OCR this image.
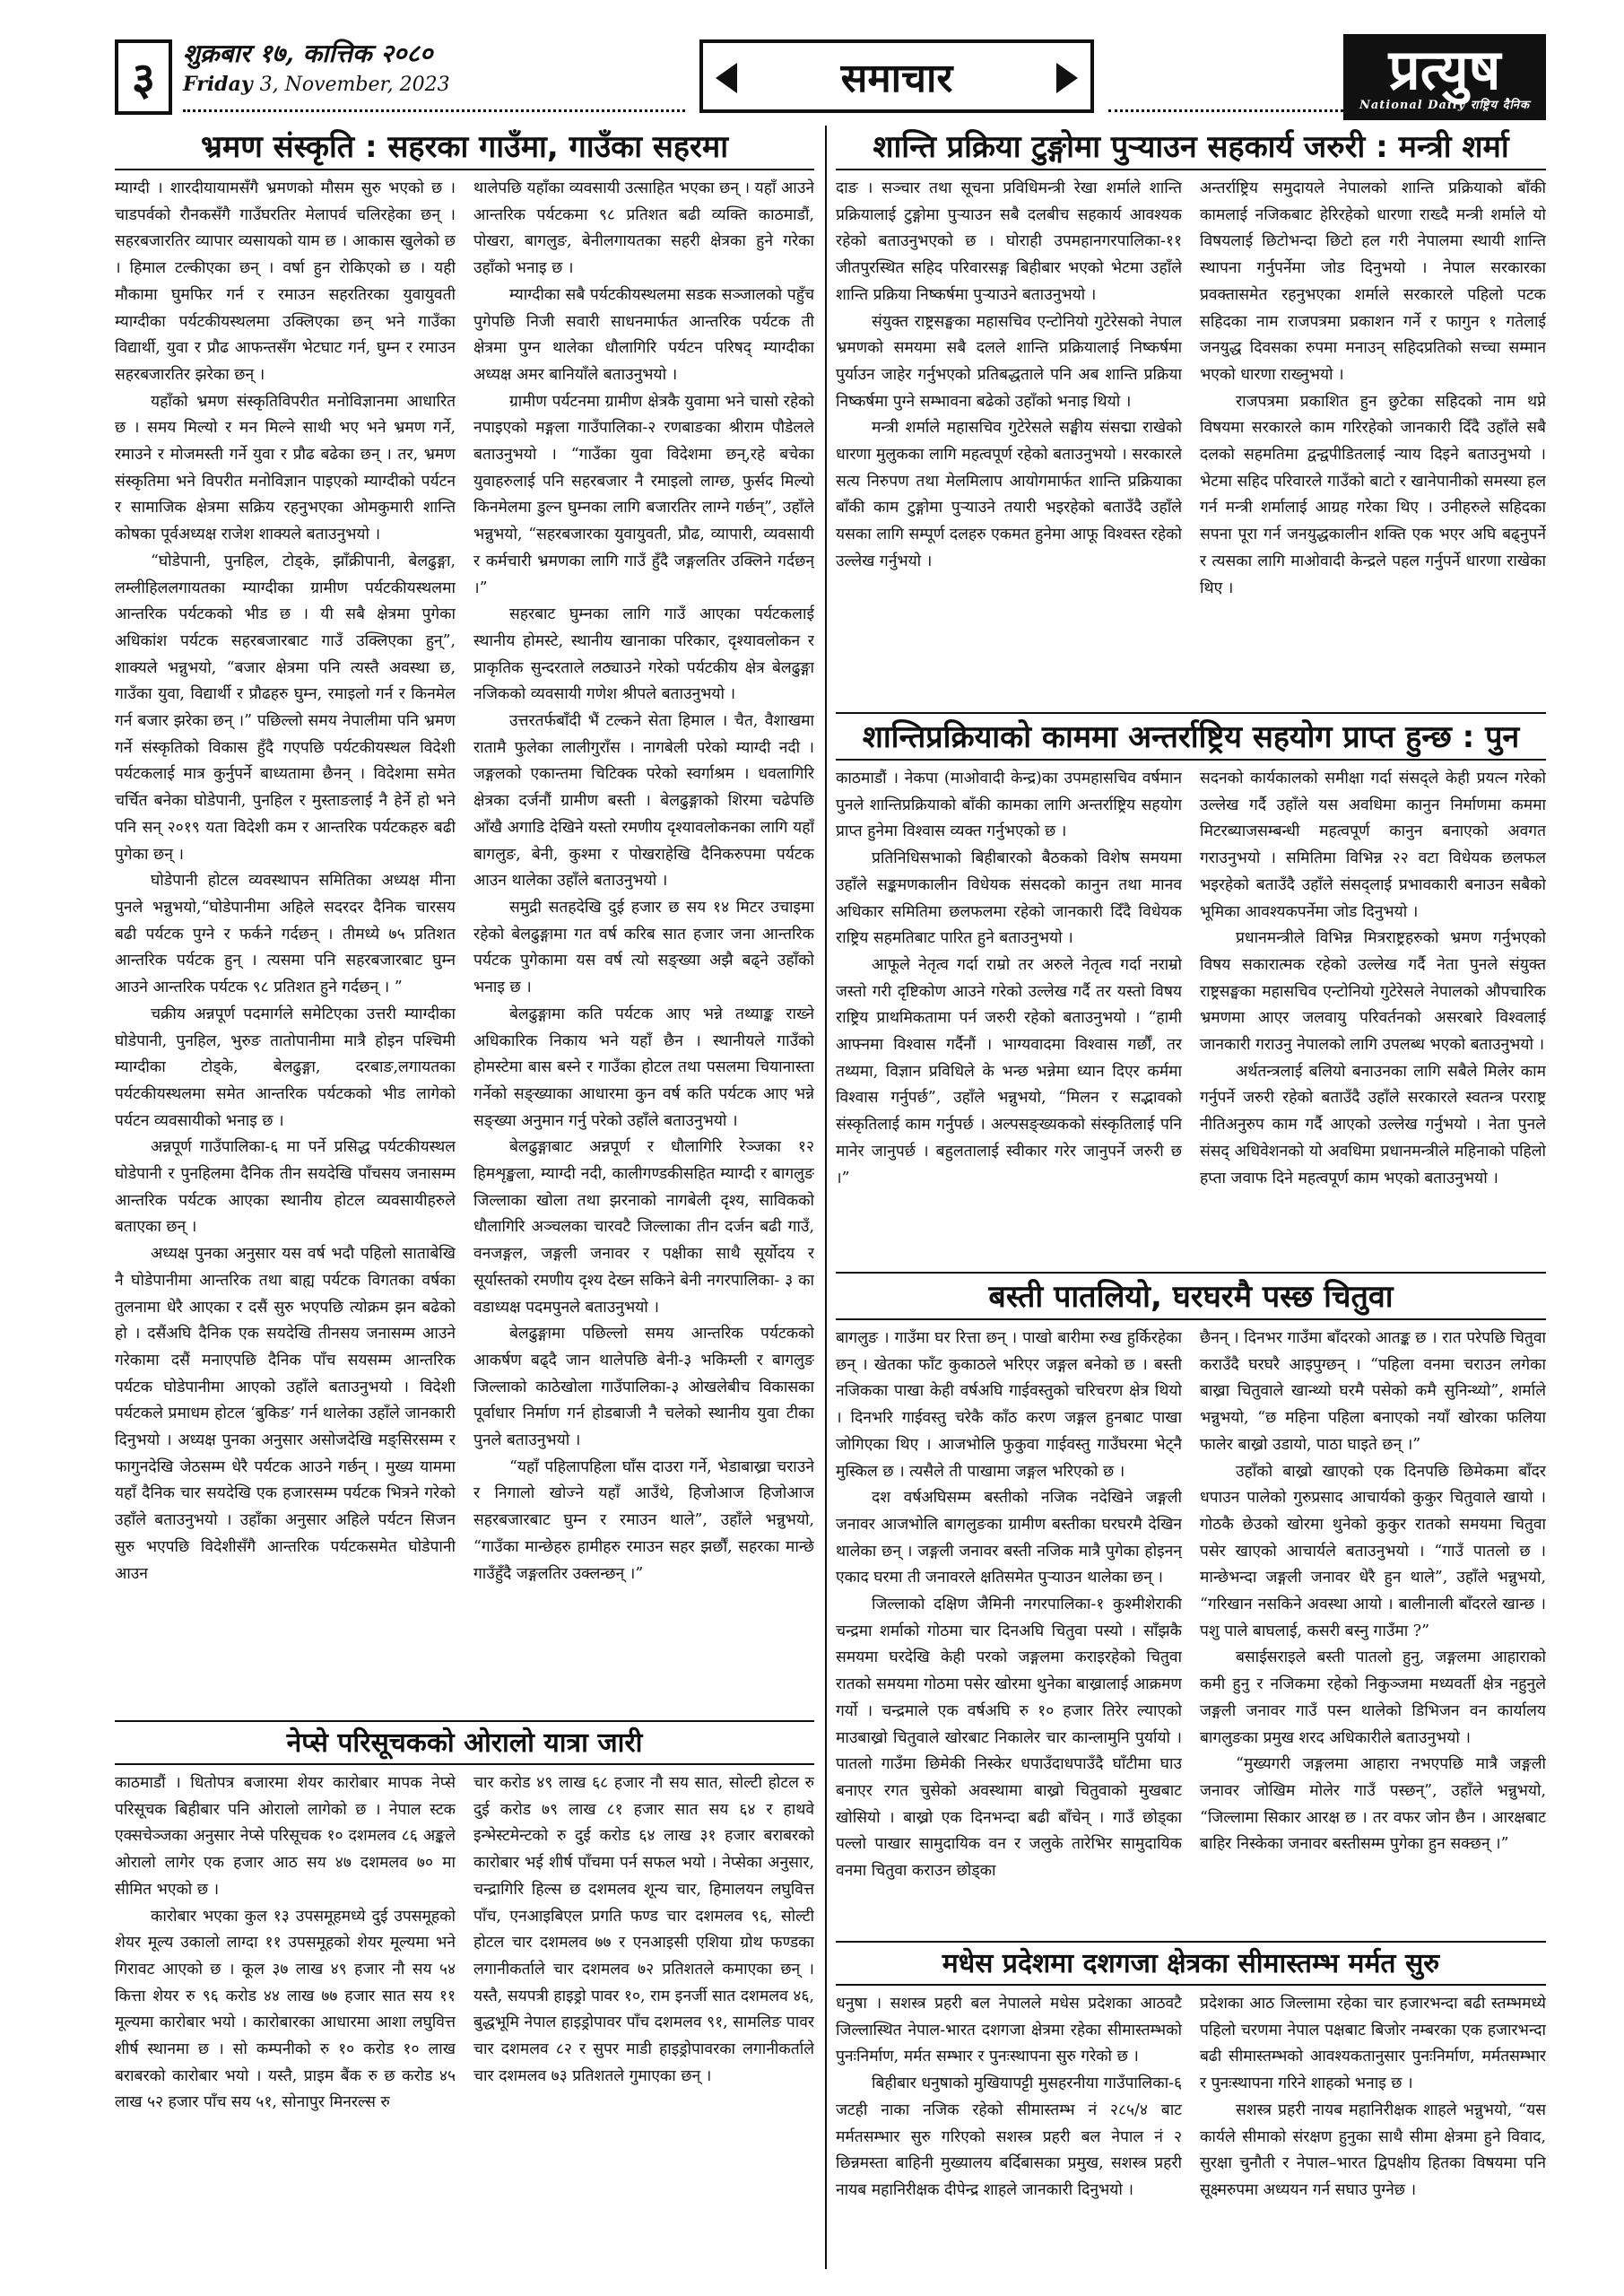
३	शुक्रबार १७, कात्तिक २०८०
Friday 3, November, 2023	समाचार	प्रत्युष
National Daily राष्ट्रिय दैनिक
भ्रमण संस्कृति : सहरका गाउँमा, गाउँका सहरमा

म्याग्दी । शारदीयायामसँगै भ्रमणको मौसम सुरु भएको छ । चाडपर्वको रौनकसँगै गाउँघरतिर मेलापर्व चलिरहेका छन् । सहरबजारतिर व्यापार व्यसायको याम छ । आकास खुलेको छ । हिमाल टल्कीएका छन् । वर्षा हुन रोकिएको छ । यही मौकामा घुमफिर गर्न र रमाउन सहरतिरका युवायुवती म्याग्दीका पर्यटकीयस्थलमा उक्लिएका छन् भने गाउँका विद्यार्थी, युवा र प्रौढ आफन्तसँग भेटघाट गर्न, घुम्न र रमाउन सहरबजारतिर झरेका छन् ।

यहाँको भ्रमण संस्कृतिविपरीत मनोविज्ञानमा आधारित छ । समय मिल्यो र मन मिल्ने साथी भए भने भ्रमण गर्ने, रमाउने र मोजमस्ती गर्ने युवा र प्रौढ बढेका छन् । तर, भ्रमण संस्कृतिमा भने विपरीत मनोविज्ञान पाइएको म्याग्दीको पर्यटन र सामाजिक क्षेत्रमा सक्रिय रहनुभएका ओमकुमारी शान्ति कोषका पूर्वअध्यक्ष राजेश शाक्यले बताउनुभयो ।

“घोडेपानी, पुनहिल, टोड्के, झाँक्रीपानी, बेलढुङ्गा, लम्लीहिललगायतका म्याग्दीका ग्रामीण पर्यटकीयस्थलमा आन्तरिक पर्यटकको भीड छ । यी सबै क्षेत्रमा पुगेका अधिकांश पर्यटक सहरबजारबाट गाउँ उक्लिएका हुन्”, शाक्यले भन्नुभयो, “बजार क्षेत्रमा पनि त्यस्तै अवस्था छ, गाउँका युवा, विद्यार्थी र प्रौढहरु घुम्न, रमाइलो गर्न र किनमेल गर्न बजार झरेका छन् ।” पछिल्लो समय नेपालीमा पनि भ्रमण गर्ने संस्कृतिको विकास हुँदै गएपछि पर्यटकीयस्थल विदेशी पर्यटकलाई मात्र कुर्नुपर्ने बाध्यतामा छैनन् । विदेशमा समेत चर्चित बनेका घोडेपानी, पुनहिल र मुस्ताङलाई नै हेर्ने हो भने पनि सन् २०१९ यता विदेशी कम र आन्तरिक पर्यटकहरु बढी पुगेका छन् ।

घोडेपानी होटल व्यवस्थापन समितिका अध्यक्ष मीना पुनले भन्नुभयो,“घोडेपानीमा अहिले सदरदर दैनिक चारसय बढी पर्यटक पुग्ने र फर्कने गर्दछन् । तीमध्ये ७५ प्रतिशत आन्तरिक पर्यटक हुन् । त्यसमा पनि सहरबजारबाट घुम्न आउने आन्तरिक पर्यटक ९८ प्रतिशत हुने गर्दछन् । ”

चक्रीय अन्नपूर्ण पदमार्गले समेटिएका उत्तरी म्याग्दीका घोडेपानी, पुनहिल, भुरुङ तातोपानीमा मात्रै होइन पश्चिमी म्याग्दीका टोड्के, बेलढुङ्गा, दरबाङ,लगायतका पर्यटकीयस्थलमा समेत आन्तरिक पर्यटकको भीड लागेको पर्यटन व्यवसायीको भनाइ छ ।

अन्नपूर्ण गाउँपालिका-६ मा पर्ने प्रसिद्ध पर्यटकीयस्थल घोडेपानी र पुनहिलमा दैनिक तीन सयदेखि पाँचसय जनासम्म आन्तरिक पर्यटक आएका स्थानीय होटल व्यवसायीहरुले बताएका छन् ।

अध्यक्ष पुनका अनुसार यस वर्ष भदौ पहिलो साताबेखि नै घोडेपानीमा आन्तरिक तथा बाह्य पर्यटक विगतका वर्षका तुलनामा धेरै आएका र दसैं सुरु भएपछि त्योक्रम झन बढेको हो । दसैंअघि दैनिक एक सयदेखि तीनसय जनासम्म आउने गरेकामा दसैं मनाएपछि दैनिक पाँच सयसम्म आन्तरिक पर्यटक घोडेपानीमा आएको उहाँले बताउनुभयो । विदेशी पर्यटकले प्रमाधम होटल ‘बुकिङ’ गर्न थालेका उहाँले जानकारी दिनुभयो । अध्यक्ष पुनका अनुसार असोजदेखि मङ्सिरसम्म र फागुनदेखि जेठसम्म धेरै पर्यटक आउने गर्छन् । मुख्य याममा यहाँ दैनिक चार सयदेखि एक हजारसम्म पर्यटक भित्रने गरेको उहाँले बताउनुभयो । उहाँका अनुसार अहिले पर्यटन सिजन सुरु भएपछि विदेशीसँगै आन्तरिक पर्यटकसमेत घोडेपानी आउन

थालेपछि यहाँका व्यवसायी उत्साहित भएका छन् । यहाँ आउने आन्तरिक पर्यटकमा ९८ प्रतिशत बढी व्यक्ति काठमाडौं, पोखरा, बागलुङ, बेनीलगायतका सहरी क्षेत्रका हुने गरेका उहाँको भनाइ छ ।

म्याग्दीका सबै पर्यटकीयस्थलमा सडक सञ्जालको पहुँच पुगेपछि निजी सवारी साधनमार्फत आन्तरिक पर्यटक ती क्षेत्रमा पुग्न थालेका धौलागिरि पर्यटन परिषद् म्याग्दीका अध्यक्ष अमर बानियाँले बताउनुभयो ।

ग्रामीण पर्यटनमा ग्रामीण क्षेत्रकै युवामा भने चासो रहेको नपाइएको मङ्गला गाउँपालिका-२ रणबाङका श्रीराम पौडेलले बताउनुभयो । “गाउँका युवा विदेशमा छन्,रहे बचेका युवाहरुलाई पनि सहरबजार नै रमाइलो लाग्छ, फुर्सद मिल्यो किनमेलमा डुल्न घुम्नका लागि बजारतिर लाग्ने गर्छन्”, उहाँले भन्नुभयो, “सहरबजारका युवायुवती, प्रौढ, व्यापारी, व्यवसायी र कर्मचारी भ्रमणका लागि गाउँ हुँदै जङ्गलतिर उक्लिने गर्दछन् ।”

सहरबाट घुम्नका लागि गाउँ आएका पर्यटकलाई स्थानीय होमस्टे, स्थानीय खानाका परिकार, दृश्यावलोकन र प्राकृतिक सुन्दरताले लठ्याउने गरेको पर्यटकीय क्षेत्र बेलढुङ्गा नजिकको व्यवसायी गणेश श्रीपले बताउनुभयो ।

उत्तरतर्फबाँदी भैं टल्कने सेता हिमाल । चैत, वैशाखमा रातामै फुलेका लालीगुराँस । नागबेली परेको म्याग्दी नदी । जङ्गलको एकान्तमा चिटिक्क परेको स्वर्गाश्रम । धवलागिरि क्षेत्रका दर्जनौं ग्रामीण बस्ती । बेलढुङ्गाको शिरमा चढेपछि आँखै अगाडि देखिने यस्तो रमणीय दृश्यावलोकनका लागि यहाँ बागलुङ, बेनी, कुश्मा र पोखराहेखि दैनिकरुपमा पर्यटक आउन थालेका उहाँले बताउनुभयो ।

समुद्री सतहदेखि दुई हजार छ सय १४ मिटर उचाइमा रहेको बेलढुङ्गामा गत वर्ष करिब सात हजार जना आन्तरिक पर्यटक पुगेकामा यस वर्ष त्यो सङ्ख्या अझै बढ्ने उहाँको भनाइ छ ।

बेलढुङ्गामा कति पर्यटक आए भन्ने तथ्याङ्क राख्ने अधिकारिक निकाय भने यहाँ छैन । स्थानीयले गाउँको होमस्टेमा बास बस्ने र गाउँका होटल तथा पसलमा चियानास्ता गर्नेको सङ्ख्याका आधारमा कुन वर्ष कति पर्यटक आए भन्ने सङ्ख्या अनुमान गर्नु परेको उहाँले बताउनुभयो ।

बेलढुङ्गाबाट अन्नपूर्ण र धौलागिरि रेञ्जका १२ हिमशृङ्खला, म्याग्दी नदी, कालीगण्डकीसहित म्याग्दी र बागलुङ जिल्लाका खोला तथा झरनाको नागबेली दृश्य, साविकको धौलागिरि अञ्चलका चारवटै जिल्लाका तीन दर्जन बढी गाउँ, वनजङ्गल, जङ्गली जनावर र पक्षीका साथै सूर्योदय र सूर्यास्तको रमणीय दृश्य देख्न सकिने बेनी नगरपालिका- ३ का वडाध्यक्ष पदमपुनले बताउनुभयो ।

बेलढुङ्गामा पछिल्लो समय आन्तरिक पर्यटकको आकर्षण बढ्दै जान थालेपछि बेनी-३ भकिम्ली र बागलुङ जिल्लाको काठेखोला गाउँपालिका-३ ओखलेबीच विकासका पूर्वाधार निर्माण गर्न होडबाजी नै चलेको स्थानीय युवा टीका पुनले बताउनुभयो ।

“यहाँ पहिलापहिला घाँस दाउरा गर्ने, भेडाबाख्रा चराउने र निगालो खोज्ने यहाँ आउँथे, हिजोआज हिजोआज सहरबजारबाट घुम्न र रमाउन थाले”, उहाँले भन्नुभयो, “गाउँका मान्छेहरु हामीहरु रमाउन सहर झर्छौं, सहरका मान्छे गाउँहुँदै जङ्गलतिर उक्लन्छन् ।”

नेप्से परिसूचकको ओरालो यात्रा जारी

काठमाडौं । धितोपत्र बजारमा शेयर कारोबार मापक नेप्से परिसूचक बिहीबार पनि ओरालो लागेको छ । नेपाल स्टक एक्सचेञ्जका अनुसार नेप्से परिसूचक १० दशमलव ८६ अङ्कले ओरालो लागेर एक हजार आठ सय ४७ दशमलव ७० मा सीमित भएको छ ।

कारोबार भएका कुल १३ उपसमूहमध्ये दुई उपसमूहको शेयर मूल्य उकालो लाग्दा ११ उपसमूहको शेयर मूल्यमा भने गिरावट आएको छ । कूल ३७ लाख ४९ हजार नौ सय ५४ कित्ता शेयर रु ९६ करोड ४४ लाख ७७ हजार सात सय ११ मूल्यमा कारोबार भयो । कारोबारका आधारमा आशा लघुवित्त शीर्ष स्थानमा छ । सो कम्पनीको रु १० करोड १० लाख बराबरको कारोबार भयो । यस्तै, प्राइम बैंक रु छ करोड ४५ लाख ५२ हजार पाँच सय ५१, सोनापुर मिनरल्स रु

चार करोड ४९ लाख ६८ हजार नौ सय सात, सोल्टी होटल रु दुई करोड ७९ लाख ८१ हजार सात सय ६४ र हाथवे इन्भेस्टमेन्टको रु दुई करोड ६४ लाख ३१ हजार बराबरको कारोबार भई शीर्ष पाँचमा पर्न सफल भयो । नेप्सेका अनुसार, चन्द्रागिरि हिल्स छ दशमलव शून्य चार, हिमालयन लघुवित्त पाँच, एनआइबिएल प्रगति फण्ड चार दशमलव ९६, सोल्टी होटल चार दशमलव ७७ र एनआइसी एशिया ग्रोथ फण्डका लगानीकर्ताले चार दशमलव ७२ प्रतिशतले कमाएका छन् । यस्तै, सयपत्री हाइड्रो पावर १०, राम इनर्जी सात दशमलव ४६, बुद्धभूमि नेपाल हाइड्रोपावर पाँच दशमलव ९१, सामलिङ पावर चार दशमलव ८२ र सुपर माडी हाइड्रोपावरका लगानीकर्ताले चार दशमलव ७३ प्रतिशतले गुमाएका छन् ।

शान्ति प्रक्रिया टुङ्गोमा पुऱ्याउन सहकार्य जरुरी : मन्त्री शर्मा

दाङ । सञ्चार तथा सूचना प्रविधिमन्त्री रेखा शर्माले शान्ति प्रक्रियालाई टुङ्गोमा पुऱ्याउन सबै दलबीच सहकार्य आवश्यक रहेको बताउनुभएको छ । घोराही उपमहानगरपालिका-११ जीतपुरस्थित सहिद परिवारसङ्ग बिहीबार भएको भेटमा उहाँले शान्ति प्रक्रिया निष्कर्षमा पुऱ्याउने बताउनुभयो ।

संयुक्त राष्ट्रसङ्घका महासचिव एन्टोनियो गुटेरेसको नेपाल भ्रमणको समयमा सबै दलले शान्ति प्रक्रियालाई निष्कर्षमा पुर्याउन जाहेर गर्नुभएको प्रतिबद्धताले पनि अब शान्ति प्रक्रिया निष्कर्षमा पुग्ने सम्भावना बढेको उहाँको भनाइ थियो ।

मन्त्री शर्माले महासचिव गुटेरेसले सङ्घीय संसद्मा राखेको धारणा मुलुकका लागि महत्वपूर्ण रहेको बताउनुभयो । सरकारले सत्य निरुपण तथा मेलमिलाप आयोगमार्फत शान्ति प्रक्रियाका बाँकी काम टुङ्गोमा पुऱ्याउने तयारी भइरहेको बताउँदै उहाँले यसका लागि सम्पूर्ण दलहरु एकमत हुनेमा आफू विश्वस्त रहेको उल्लेख गर्नुभयो ।

अन्तर्राष्ट्रिय समुदायले नेपालको शान्ति प्रक्रियाको बाँकी कामलाई नजिकबाट हेरिरहेको धारणा राख्दै मन्त्री शर्माले यो विषयलाई छिटोभन्दा छिटो हल गरी नेपालमा स्थायी शान्ति स्थापना गर्नुपर्नेमा जोड दिनुभयो । नेपाल सरकारका प्रवक्तासमेत रहनुभएका शर्माले सरकारले पहिलो पटक सहिदका नाम राजपत्रमा प्रकाशन गर्ने र फागुन १ गतेलाई जनयुद्ध दिवसका रुपमा मनाउन् सहिदप्रतिको सच्चा सम्मान भएको धारणा राख्नुभयो ।

राजपत्रमा प्रकाशित हुन छुटेका सहिदको नाम थप्ने विषयमा सरकारले काम गरिरहेको जानकारी दिँदै उहाँले सबै दलको सहमतिमा द्वन्द्वपीडितलाई न्याय दिइने बताउनुभयो । भेटमा सहिद परिवारले गाउँको बाटो र खानेपानीको समस्या हल गर्न मन्त्री शर्मालाई आग्रह गरेका थिए । उनीहरुले सहिदका सपना पूरा गर्न जनयुद्धकालीन शक्ति एक भएर अघि बढ्नुपर्ने र त्यसका लागि माओवादी केन्द्रले पहल गर्नुपर्ने धारणा राखेका थिए ।

शान्तिप्रक्रियाको काममा अन्तर्राष्ट्रिय सहयोग प्राप्त हुन्छ : पुन

काठमाडौं । नेकपा (माओवादी केन्द्र)का उपमहासचिव वर्षमान पुनले शान्तिप्रक्रियाको बाँकी कामका लागि अन्तर्राष्ट्रिय सहयोग प्राप्त हुनेमा विश्वास व्यक्त गर्नुभएको छ ।

प्रतिनिधिसभाको बिहीबारको बैठकको विशेष समयमा उहाँले सङ्कमणकालीन विधेयक संसदको कानुन तथा मानव अधिकार समितिमा छलफलमा रहेको जानकारी दिँदै विधेयक राष्ट्रिय सहमतिबाट पारित हुने बताउनुभयो ।

आफूले नेतृत्व गर्दा राम्रो तर अरुले नेतृत्व गर्दा नराम्रो जस्तो गरी दृष्टिकोण आउने गरेको उल्लेख गर्दै तर यस्तो विषय राष्ट्रिय प्राथमिकतामा पर्न जरुरी रहेको बताउनुभयो । “हामी आफ्नमा विश्वास गर्दैनौं । भाग्यवादमा विश्वास गर्छौं, तर तथ्यमा, विज्ञान प्रविधिले के भन्छ भन्नेमा ध्यान दिएर कर्ममा विश्वास गर्नुपर्छ”, उहाँले भन्नुभयो, “मिलन र सद्भावको संस्कृतिलाई काम गर्नुपर्छ । अल्पसङ्ख्यकको संस्कृतिलाई पनि मानेर जानुपर्छ । बहुलतालाई स्वीकार गरेर जानुपर्ने जरुरी छ ।”

सदनको कार्यकालको समीक्षा गर्दा संसद्ले केही प्रयत्न गरेको उल्लेख गर्दै उहाँले यस अवधिमा कानुन निर्माणमा कममा मिटरब्याजसम्बन्धी महत्वपूर्ण कानुन बनाएको अवगत गराउनुभयो । समितिमा विभिन्न २२ वटा विधेयक छलफल भइरहेको बताउँदै उहाँले संसद्लाई प्रभावकारी बनाउन सबैको भूमिका आवश्यकपर्नेमा जोड दिनुभयो ।

प्रधानमन्त्रीले विभिन्न मित्रराष्ट्रहरुको भ्रमण गर्नुभएको विषय सकारात्मक रहेको उल्लेख गर्दै नेता पुनले संयुक्त राष्ट्रसङ्घका महासचिव एन्टोनियो गुटेरेसले नेपालको औपचारिक भ्रमणमा आएर जलवायु परिवर्तनको असरबारे विश्वलाई जानकारी गराउनु नेपालको लागि उपलब्ध भएको बताउनुभयो ।

अर्थतन्त्रलाई बलियो बनाउनका लागि सबैले मिलेर काम गर्नुपर्ने जरुरी रहेको बताउँदै उहाँले सरकारले स्वतन्त्र परराष्ट्र नीतिअनुरुप काम गर्दै आएको उल्लेख गर्नुभयो । नेता पुनले संसद् अधिवेशनको यो अवधिमा प्रधानमन्त्रीले महिनाको पहिलो हप्ता जवाफ दिने महत्वपूर्ण काम भएको बताउनुभयो ।

बस्ती पातलियो, घरघरमै पस्छ चितुवा

बागलुङ । गाउँमा घर रित्ता छन् । पाखो बारीमा रुख हुर्किरहेका छन् । खेतका फाँट कुकाठले भरिएर जङ्गल बनेको छ । बस्ती नजिकका पाखा केही वर्षअघि गाईवस्तुको चरिचरण क्षेत्र थियो । दिनभरि गाईवस्तु चरेकै काँठ करण जङ्गल हुनबाट पाखा जोगिएका थिए । आजभोलि फुकुवा गाईवस्तु गाउँघरमा भेट्नै मुस्किल छ । त्यसैले ती पाखामा जङ्गल भरिएको छ ।

दश वर्षअघिसम्म बस्तीको नजिक नदेखिने जङ्गली जनावर आजभोलि बागलुङका ग्रामीण बस्तीका घरघरमै देखिन थालेका छन् । जङ्गली जनावर बस्ती नजिक मात्रै पुगेका होइनन् एकाद घरमा ती जनावरले क्षतिसमेत पुऱ्याउन थालेका छन् ।

जिल्लाको दक्षिण जैमिनी नगरपालिका-१ कुश्मीशेराकी चन्द्रमा शर्माको गोठमा चार दिनअघि चितुवा पस्यो । साँझकै समयमा घरदेखि केही परको जङ्गलमा कराइरहेको चितुवा रातको समयमा गोठमा पसेर खोरमा थुनेका बाख्रालाई आक्रमण गर्यो । चन्द्रमाले एक वर्षअघि रु १० हजार तिरेर ल्याएको माउबाख्रो चितुवाले खोरबाट निकालेर चार कान्लामुनि पुर्यायो । पातलो गाउँमा छिमेकी निस्केर धपाउँदाधपाउँदै घाँटीमा घाउ बनाएर रगत चुसेको अवस्थामा बाख्रो चितुवाको मुखबाट खोसियो । बाख्रो एक दिनभन्दा बढी बाँचेन् । गाउँ छोड्का पल्लो पाखार सामुदायिक वन र जलुके तारेभिर सामुदायिक वनमा चितुवा कराउन छोड्का

छैनन् । दिनभर गाउँमा बाँदरको आतङ्क छ । रात परेपछि चितुवा कराउँदै घरघरै आइपुग्छन् । “पहिला वनमा चराउन लगेका बाख्रा चितुवाले खान्थ्यो घरमै पसेको कमै सुनिन्थ्यो”, शर्माले भन्नुभयो, “छ महिना पहिला बनाएको नयाँ खोरका फलिया फालेर बाख्रो उडायो, पाठा घाइते छन् ।”

उहाँको बाख्रो खाएको एक दिनपछि छिमेकमा बाँदर धपाउन पालेको गुरुप्रसाद आचार्यको कुकुर चितुवाले खायो । गोठकै छेउको खोरमा थुनेको कुकुर रातको समयमा चितुवा पसेर खाएको आचार्यले बताउनुभयो । “गाउँ पातलो छ । मान्छेभन्दा जङ्गली जनावर धेरै हुन थाले”, उहाँले भन्नुभयो, “गरिखान नसकिने अवस्था आयो । बालीनाली बाँदरले खान्छ । पशु पाले बाघलाई, कसरी बस्नु गाउँमा ?”

बसाईसराइले बस्ती पातलो हुनु, जङ्गलमा आहाराको कमी हुनु र नजिकमा रहेको निकुञ्जमा मध्यवर्ती क्षेत्र नहुनुले जङ्गली जनावर गाउँ पस्न थालेको डिभिजन वन कार्यालय बागलुङका प्रमुख शरद अधिकारीले बताउनुभयो ।

“मुख्यगरी जङ्गलमा आहारा नभएपछि मात्रै जङ्गली जनावर जोखिम मोलेर गाउँ पस्छन्”, उहाँले भन्नुभयो, “जिल्लामा सिकार आरक्ष छ । तर वफर जोन छैन । आरक्षबाट बाहिर निस्केका जनावर बस्तीसम्म पुगेका हुन सक्छन् ।”

मधेस प्रदेशमा दशगजा क्षेत्रका सीमास्तम्भ मर्मत सुरु

धनुषा । सशस्त्र प्रहरी बल नेपालले मधेस प्रदेशका आठवटै जिल्लास्थित नेपाल-भारत दशगजा क्षेत्रमा रहेका सीमास्तम्भको पुनःनिर्माण, मर्मत सम्भार र पुनःस्थापना सुरु गरेको छ ।

बिहीबार धनुषाको मुखियापट्टी मुसहरनीया गाउँपालिका-६ जटही नाका नजिक रहेको सीमास्तम्भ नं २८५/४ बाट मर्मतसम्भार सुरु गरिएको सशस्त्र प्रहरी बल नेपाल नं २ छिन्नमस्ता बाहिनी मुख्यालय बर्दिबासका प्रमुख, सशस्त्र प्रहरी नायब महानिरीक्षक दीपेन्द्र शाहले जानकारी दिनुभयो ।

प्रदेशका आठ जिल्लामा रहेका चार हजारभन्दा बढी स्तम्भमध्ये पहिलो चरणमा नेपाल पक्षबाट बिजोर नम्बरका एक हजारभन्दा बढी सीमास्तम्भको आवश्यकतानुसार पुनःनिर्माण, मर्मतसम्भार र पुनःस्थापना गरिने शाहको भनाइ छ ।

सशस्त्र प्रहरी नायब महानिरीक्षक शाहले भन्नुभयो, “यस कार्यले सीमाको संरक्षण हुनुका साथै सीमा क्षेत्रमा हुने विवाद, सुरक्षा चुनौती र नेपाल–भारत द्विपक्षीय हितका विषयमा पनि सूक्ष्मरुपमा अध्ययन गर्न सघाउ पुग्नेछ ।
